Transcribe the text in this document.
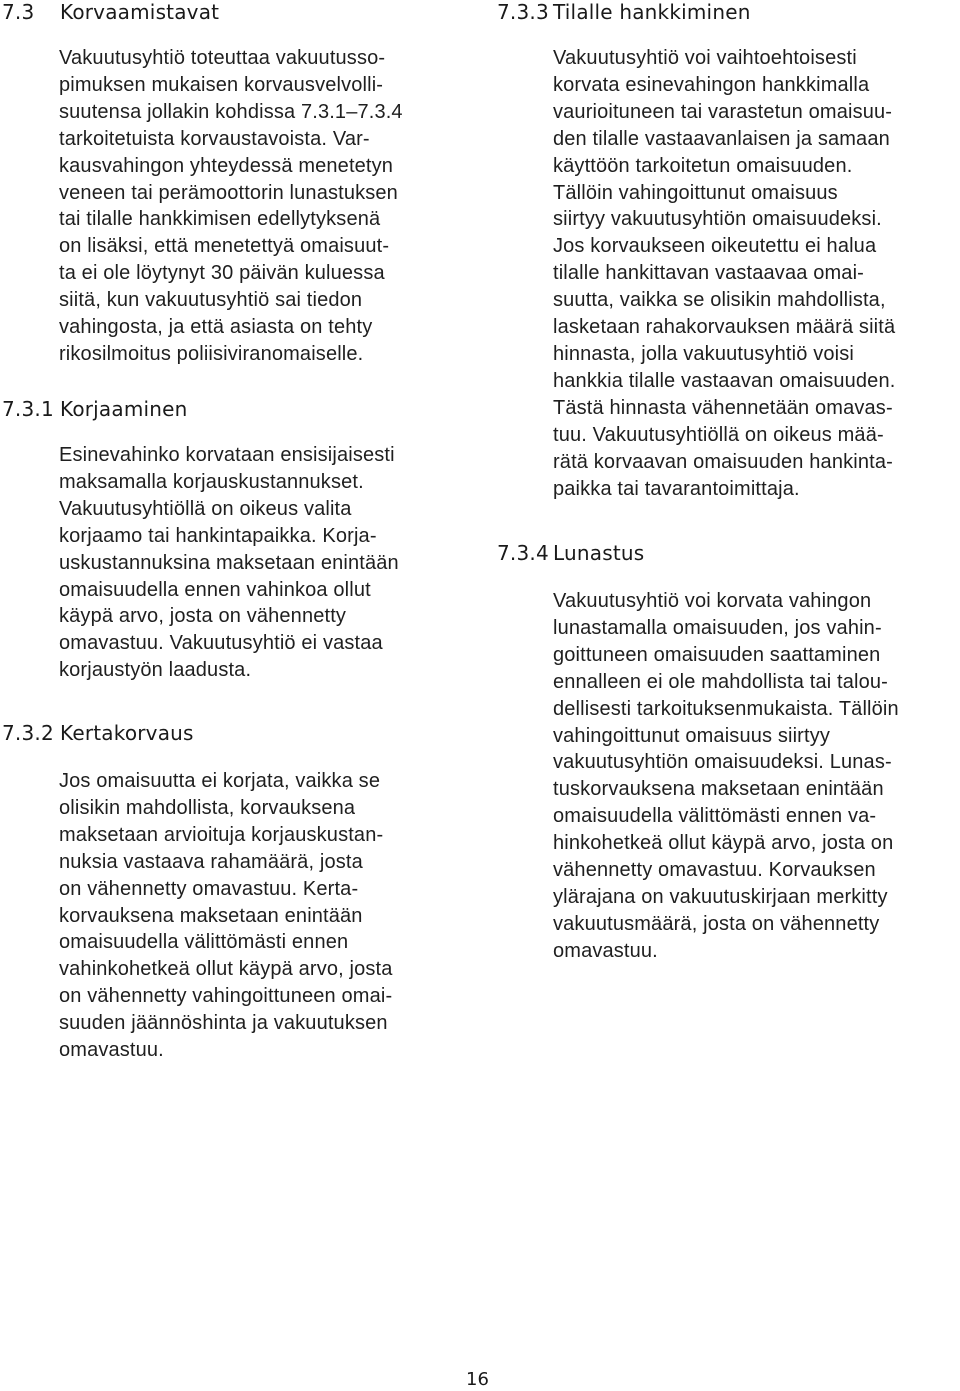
7.3 Korvaamistavat
Vakuutusyhtiö toteuttaa vakuutusso-
pimuksen mukaisen korvausvelvolli-
suutensa jollakin kohdissa 7.3.1–7.3.4
tarkoitetuista korvaustavoista. Var-
kausvahingon yhteydessä menetetyn
veneen tai perämoottorin lunastuksen
tai tilalle hankkimisen edellytyksenä
on lisäksi, että menetettyä omaisuut-
ta ei ole löytynyt 30 päivän kuluessa
siitä, kun vakuutusyhtiö sai tiedon
vahingosta, ja että asiasta on tehty
rikosilmoitus poliisiviranomaiselle.
7.3.1 Korjaaminen
Esinevahinko korvataan ensisijaisesti
maksamalla korjauskustannukset.
Vakuutusyhtiöllä on oikeus valita
korjaamo tai hankintapaikka. Korja-
uskustannuksina maksetaan enintään
omaisuudella ennen vahinkoa ollut
käypä arvo, josta on vähennetty
omavastuu. Vakuutusyhtiö ei vastaa
korjaustyön laadusta.
7.3.2 Kertakorvaus
Jos omaisuutta ei korjata, vaikka se
olisikin mahdollista, korvauksena
maksetaan arvioituja korjauskustan-
nuksia vastaava rahamäärä, josta
on vähennetty omavastuu. Kerta-
korvauksena maksetaan enintään
omaisuudella välittömästi ennen
vahinkohetkeä ollut käypä arvo, josta
on vähennetty vahingoittuneen omai-
suuden jäännöshinta ja vakuutuksen
omavastuu.
7.3.3 Tilalle hankkiminen
Vakuutusyhtiö voi vaihtoehtoisesti
korvata esinevahingon hankkimalla
vaurioituneen tai varastetun omaisuu-
den tilalle vastaavanlaisen ja samaan
käyttöön tarkoitetun omaisuuden.
Tällöin vahingoittunut omaisuus
siirtyy vakuutusyhtiön omaisuudeksi.
Jos korvaukseen oikeutettu ei halua
tilalle hankittavan vastaavaa omai-
suutta, vaikka se olisikin mahdollista,
lasketaan rahakorvauksen määrä siitä
hinnasta, jolla vakuutusyhtiö voisi
hankkia tilalle vastaavan omaisuuden.
Tästä hinnasta vähennetään omavas-
tuu. Vakuutusyhtiöllä on oikeus mää-
rätä korvaavan omaisuuden hankinta-
paikka tai tavarantoimittaja.
7.3.4 Lunastus
Vakuutusyhtiö voi korvata vahingon
lunastamalla omaisuuden, jos vahin-
goittuneen omaisuuden saattaminen
ennalleen ei ole mahdollista tai talou-
dellisesti tarkoituksenmukaista. Tällöin
vahingoittunut omaisuus siirtyy
vakuutusyhtiön omaisuudeksi. Lunas-
tuskorvauksena maksetaan enintään
omaisuudella välittömästi ennen va-
hinkohetkeä ollut käypä arvo, josta on
vähennetty omavastuu. Korvauksen
ylärajana on vakuutuskirjaan merkitty
vakuutusmäärä, josta on vähennetty
omavastuu.
16
